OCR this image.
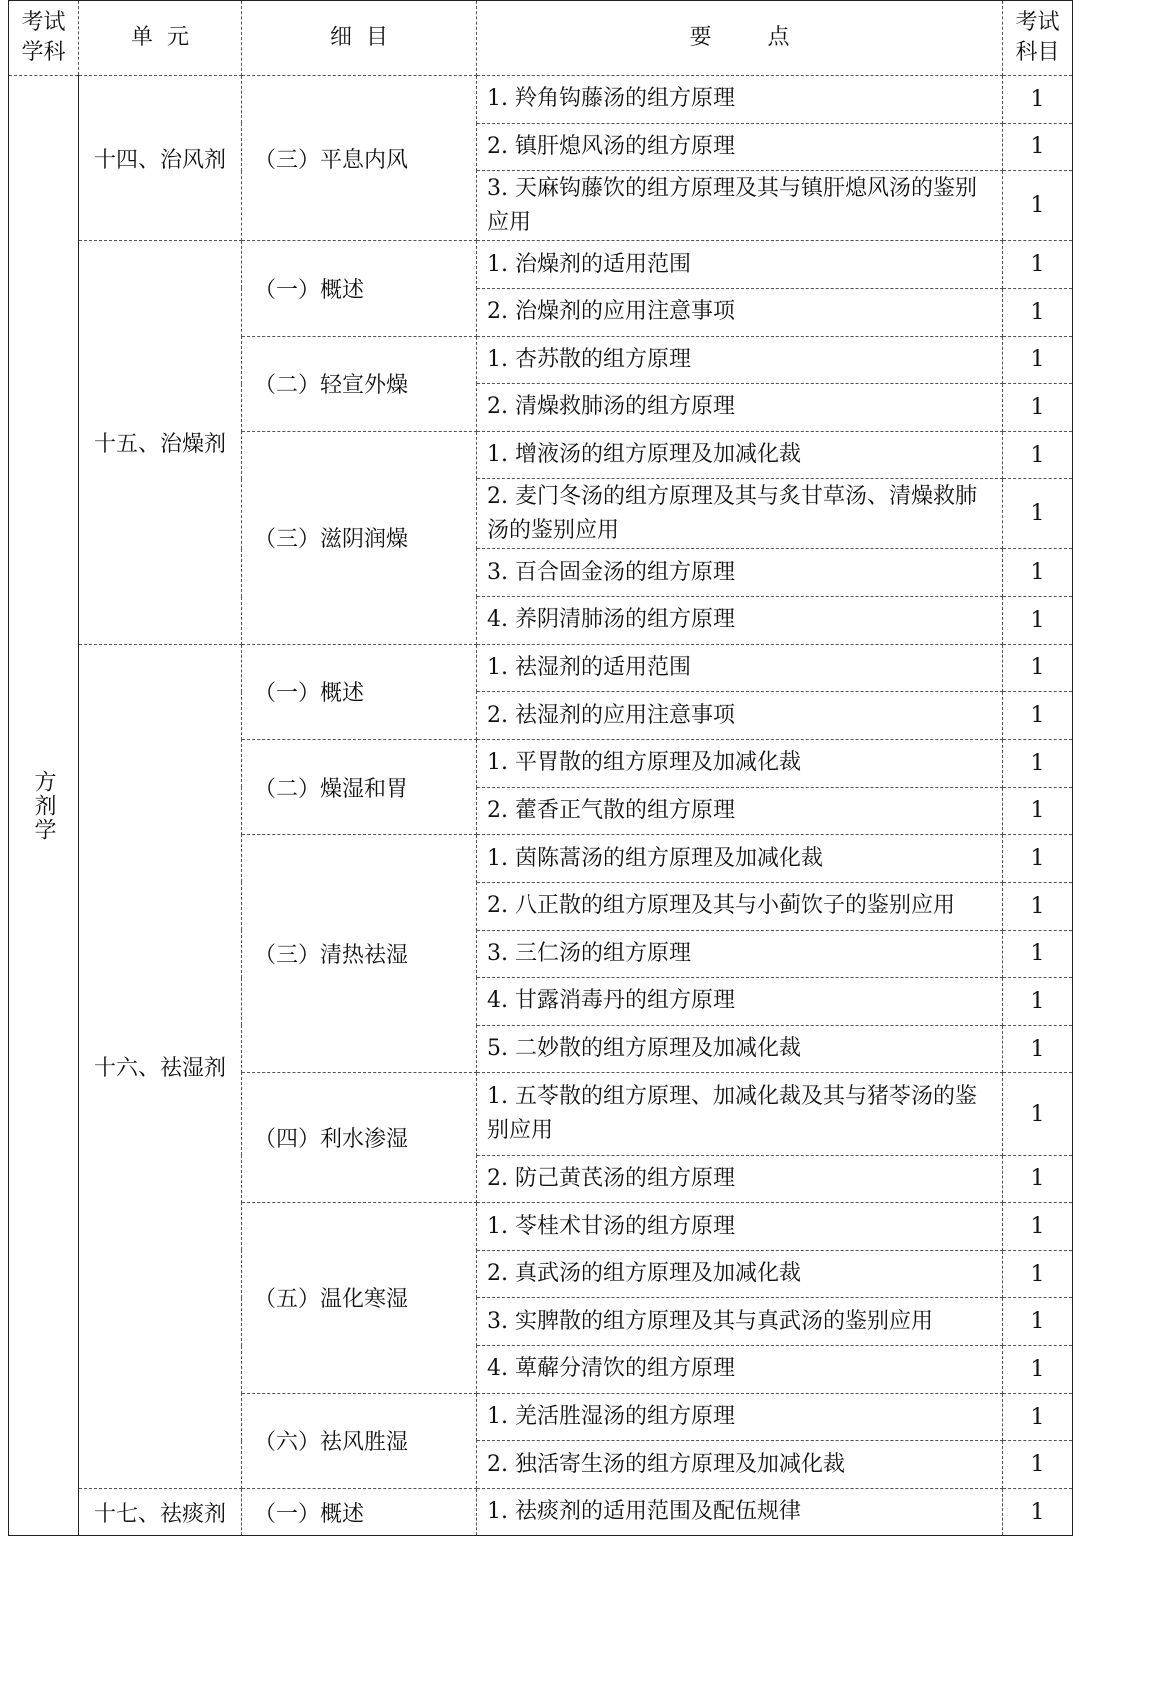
考试学科	单  元	细  目	要        点	考试科目
方剂学	十四、治风剂	（三）平息内风	1. 羚角钩藤汤的组方原理	1
			2. 镇肝熄风汤的组方原理	1
			3. 天麻钩藤饮的组方原理及其与镇肝熄风汤的鉴别应用	1
	十五、治燥剂	（一）概述	1. 治燥剂的适用范围	1
			2. 治燥剂的应用注意事项	1
		（二）轻宣外燥	1. 杏苏散的组方原理	1
			2. 清燥救肺汤的组方原理	1
		（三）滋阴润燥	1. 增液汤的组方原理及加减化裁	1
			2. 麦门冬汤的组方原理及其与炙甘草汤、清燥救肺汤的鉴别应用	1
			3. 百合固金汤的组方原理	1
			4. 养阴清肺汤的组方原理	1
	十六、祛湿剂	（一）概述	1. 祛湿剂的适用范围	1
			2. 祛湿剂的应用注意事项	1
		（二）燥湿和胃	1. 平胃散的组方原理及加减化裁	1
			2. 藿香正气散的组方原理	1
		（三）清热祛湿	1. 茵陈蒿汤的组方原理及加减化裁	1
			2. 八正散的组方原理及其与小蓟饮子的鉴别应用	1
			3. 三仁汤的组方原理	1
			4. 甘露消毒丹的组方原理	1
			5. 二妙散的组方原理及加减化裁	1
		（四）利水渗湿	1. 五苓散的组方原理、加减化裁及其与猪苓汤的鉴别应用	1
			2. 防己黄芪汤的组方原理	1
		（五）温化寒湿	1. 苓桂术甘汤的组方原理	1
			2. 真武汤的组方原理及加减化裁	1
			3. 实脾散的组方原理及其与真武汤的鉴别应用	1
			4. 萆薢分清饮的组方原理	1
		（六）祛风胜湿	1. 羌活胜湿汤的组方原理	1
			2. 独活寄生汤的组方原理及加减化裁	1
	十七、祛痰剂	（一）概述	1. 祛痰剂的适用范围及配伍规律	1
